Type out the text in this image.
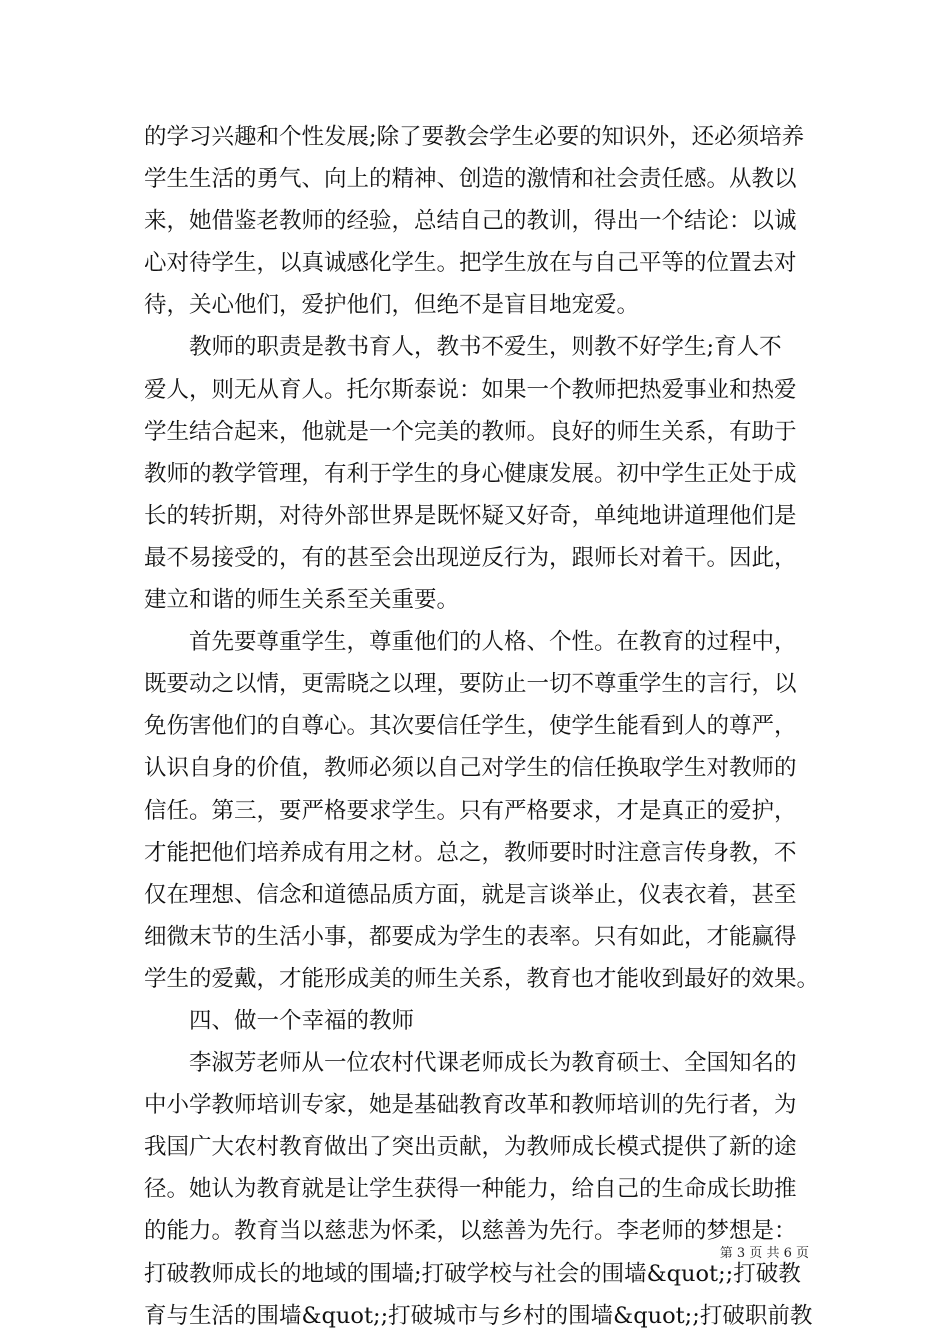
的学习兴趣和个性发展;除了要教会学生必要的知识外，还必须培养
学生生活的勇气、向上的精神、创造的激情和社会责任感。从教以
来，她借鉴老教师的经验，总结自己的教训，得出一个结论：以诚
心对待学生，以真诚感化学生。把学生放在与自己平等的位置去对
待，关心他们，爱护他们，但绝不是盲目地宠爱。
教师的职责是教书育人，教书不爱生，则教不好学生;育人不
爱人，则无从育人。托尔斯泰说：如果一个教师把热爱事业和热爱
学生结合起来，他就是一个完美的教师。良好的师生关系，有助于
教师的教学管理，有利于学生的身心健康发展。初中学生正处于成
长的转折期，对待外部世界是既怀疑又好奇，单纯地讲道理他们是
最不易接受的，有的甚至会出现逆反行为，跟师长对着干。因此，
建立和谐的师生关系至关重要。
首先要尊重学生，尊重他们的人格、个性。在教育的过程中，
既要动之以情，更需晓之以理，要防止一切不尊重学生的言行，以
免伤害他们的自尊心。其次要信任学生，使学生能看到人的尊严，
认识自身的价值，教师必须以自己对学生的信任换取学生对教师的
信任。第三，要严格要求学生。只有严格要求，才是真正的爱护，
才能把他们培养成有用之材。总之，教师要时时注意言传身教，不
仅在理想、信念和道德品质方面，就是言谈举止，仪表衣着，甚至
细微末节的生活小事，都要成为学生的表率。只有如此，才能赢得
学生的爱戴，才能形成美的师生关系，教育也才能收到最好的效果。
四、做一个幸福的教师
李淑芳老师从一位农村代课老师成长为教育硕士、全国知名的
中小学教师培训专家，她是基础教育改革和教师培训的先行者，为
我国广大农村教育做出了突出贡献，为教师成长模式提供了新的途
径。她认为教育就是让学生获得一种能力，给自己的生命成长助推
的能力。教育当以慈悲为怀柔，以慈善为先行。李老师的梦想是：
打破教师成长的地域的围墙;打破学校与社会的围墙&quot;;打破教
育与生活的围墙&quot;;打破城市与乡村的围墙&quot;;打破职前教
第 3 页 共 6 页
